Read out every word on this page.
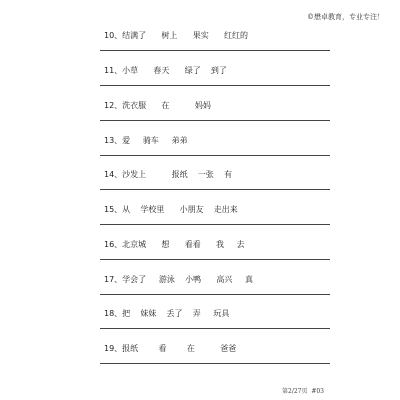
©懋卓教育，专业专注！
10、结满了      树上      果实      红红的
11、小草      春天      绿了    到了
12、洗衣服      在          妈妈
13、爱     骑车     弟弟
14、沙发上          报纸    一张    有
15、从    学校里      小朋友    走出来
16、北京城      想      看看      我     去
17、学会了     游泳    小鸭      高兴     真
18、把    妹妹    丢了    弄     玩具
19、报纸        看        在          爸爸
第2/27页 #03
